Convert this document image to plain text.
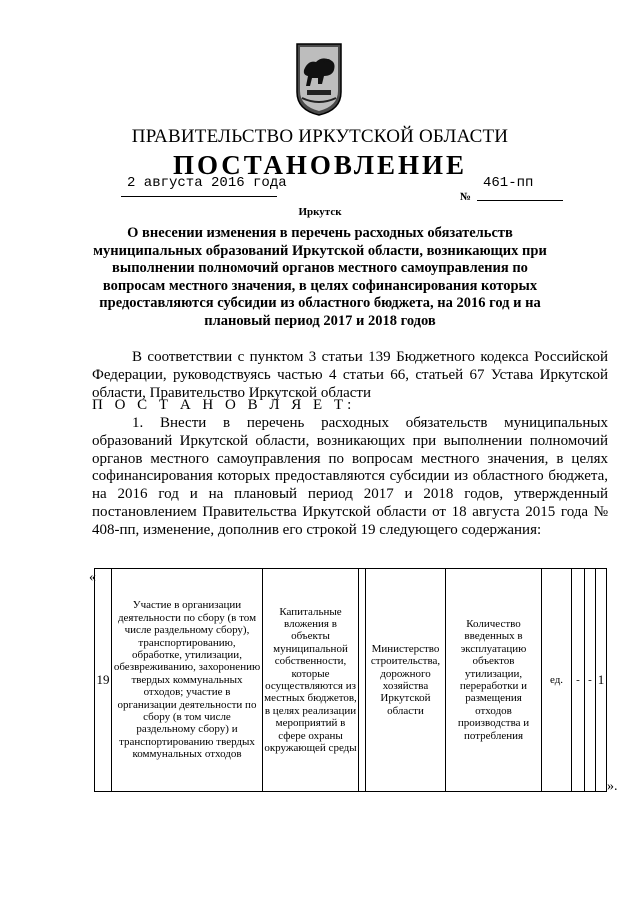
ПРАВИТЕЛЬСТВО ИРКУТСКОЙ ОБЛАСТИ
ПОСТАНОВЛЕНИЕ
2 августа 2016 года
№
461-пп
Иркутск
О внесении изменения в перечень расходных обязательств муниципальных образований Иркутской области, возникающих при выполнении полномочий органов местного самоуправления по вопросам местного значения, в целях софинансирования которых предоставляются субсидии из областного бюджета, на 2016 год и на плановый период 2017 и 2018 годов
В соответствии с пунктом 3 статьи 139 Бюджетного кодекса Российской Федерации, руководствуясь частью 4 статьи 66, статьей 67 Устава Иркутской области, Правительство Иркутской области
П О С Т А Н О В Л Я Е Т:
1. Внести в перечень расходных обязательств муниципальных образований Иркутской области, возникающих при выполнении полномочий органов местного самоуправления по вопросам местного значения, в целях софинансирования которых предоставляются субсидии из областного бюджета, на 2016 год и на плановый период 2017 и 2018 годов, утвержденный постановлением Правительства Иркутской области от 18 августа 2015 года № 408-пп, изменение, дополнив его строкой 19 следующего содержания:
«
19	Участие в организации деятельности по сбору (в том числе раздельному сбору), транспортированию, обработке, утилизации, обезвреживанию, захоронению твердых коммунальных отходов; участие в организации деятельности по сбору (в том числе раздельному сбору) и транспортированию твердых коммунальных отходов	Капитальные вложения в объекты муниципальной собственности, которые осуществляются из местных бюджетов, в целях реализации мероприятий в сфере охраны окружающей среды		Министерство строительства, дорожного хозяйства Иркутской области	Количество введенных в эксплуатацию объектов утилизации, переработки и размещения отходов производства и потребления	ед.	-	-	1
».
